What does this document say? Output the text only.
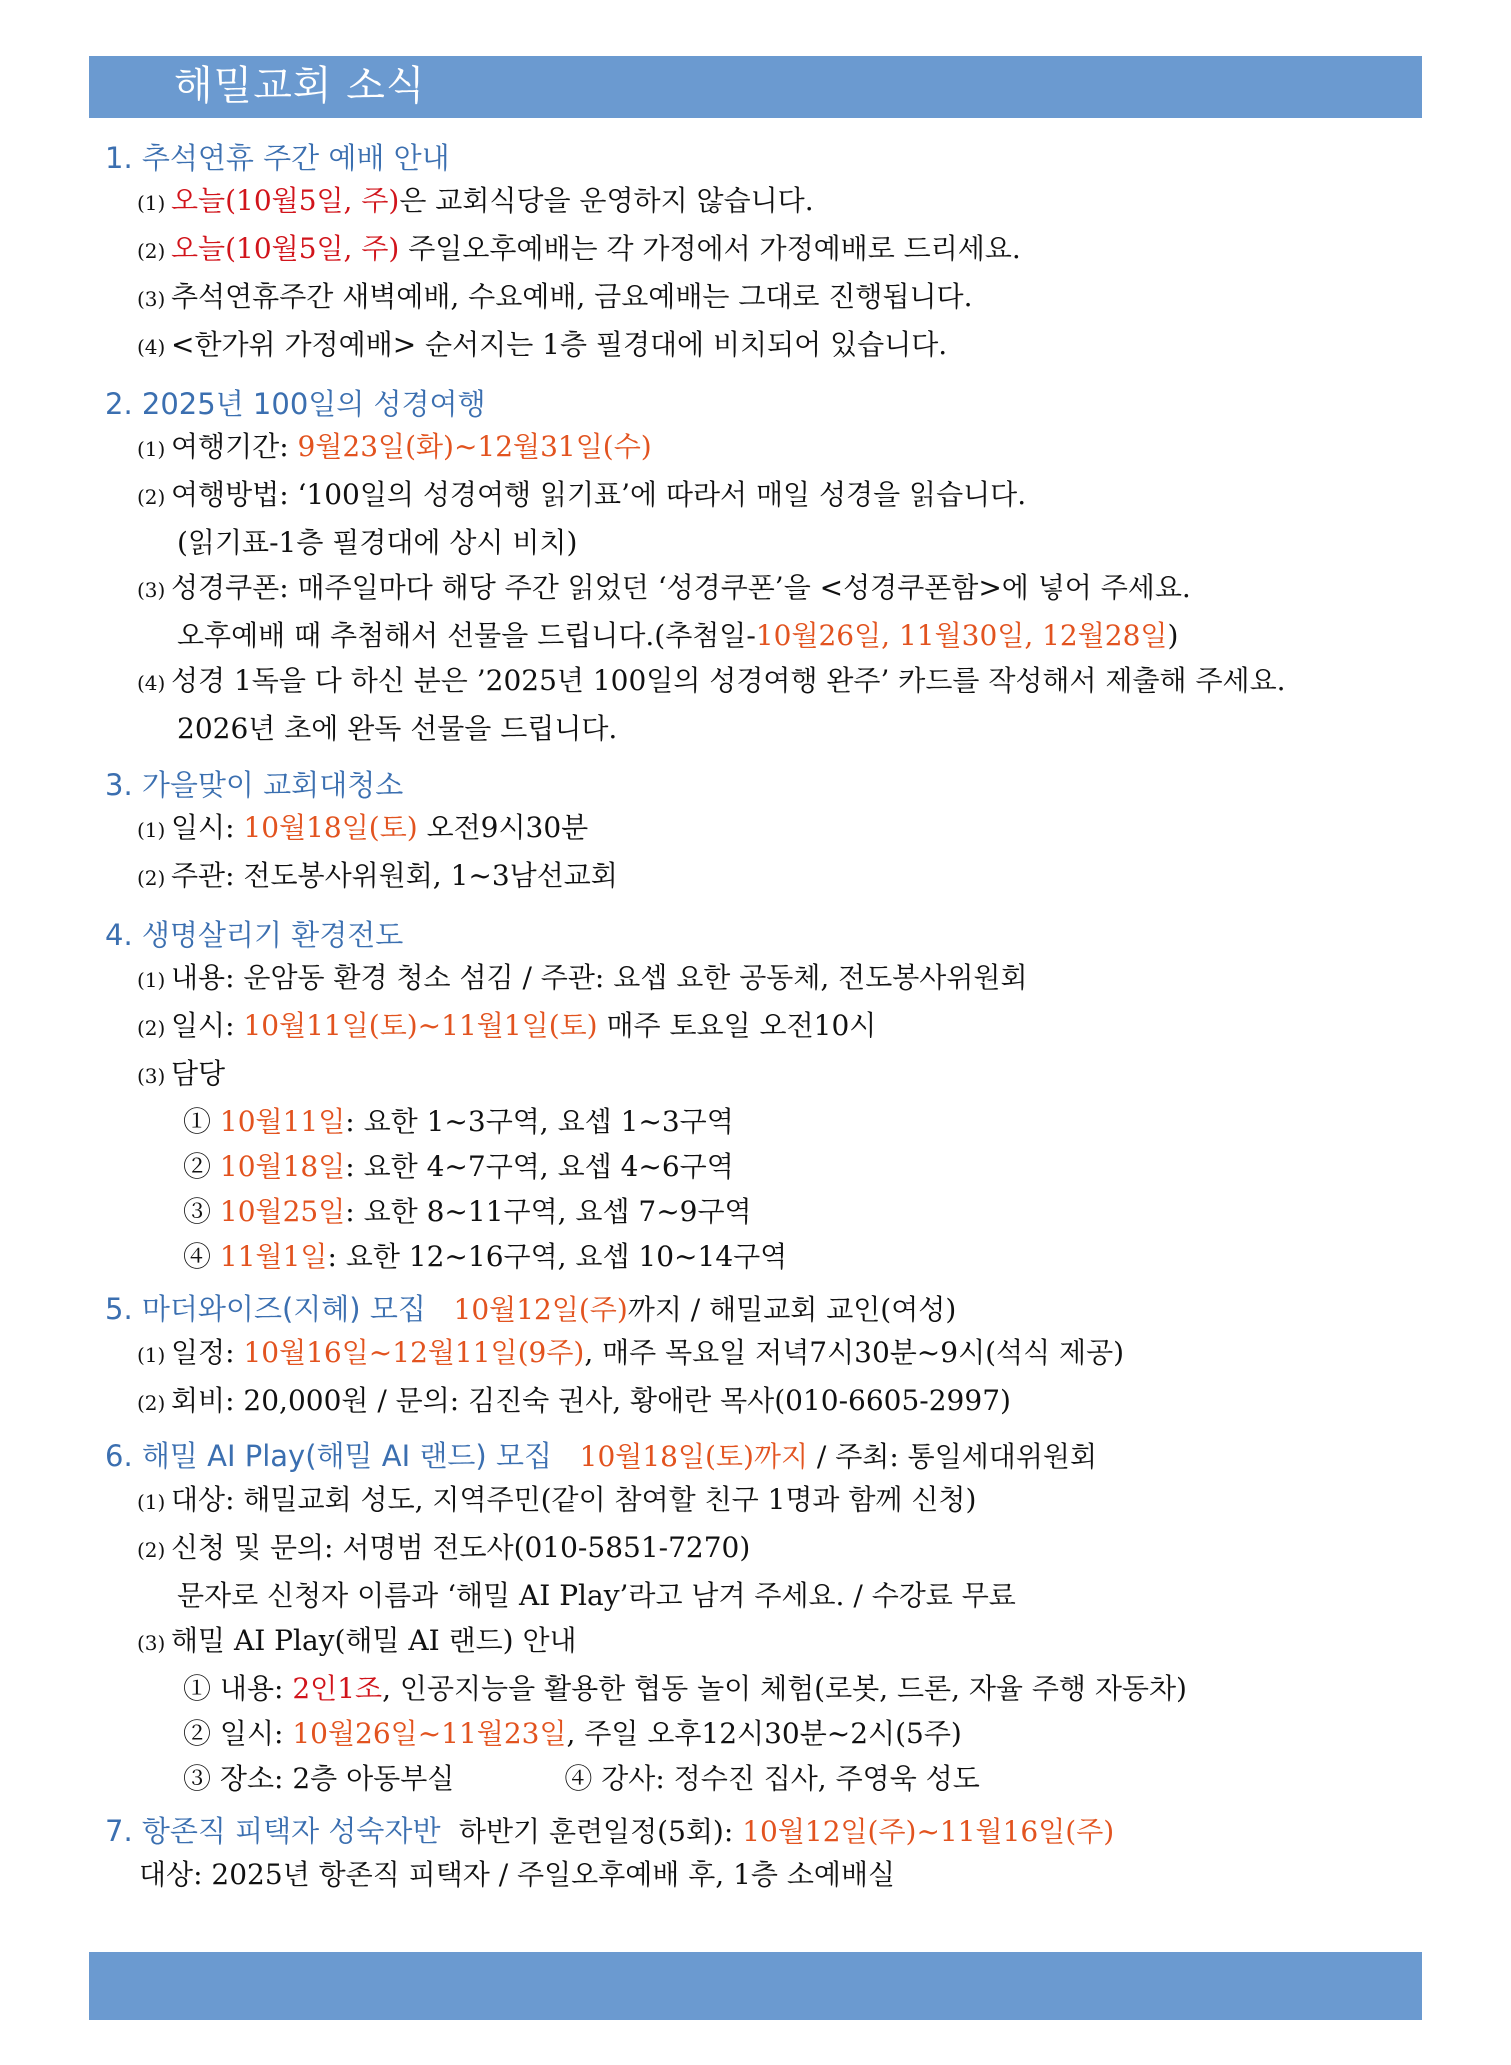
해밀교회 소식

1. 추석연휴 주간 예배 안내

(1) 오늘(10월5일, 주)은 교회식당을 운영하지 않습니다.

(2) 오늘(10월5일, 주) 주일오후예배는 각 가정에서 가정예배로 드리세요.

(3) 추석연휴주간 새벽예배, 수요예배, 금요예배는 그대로 진행됩니다.

(4) <한가위 가정예배> 순서지는 1층 필경대에 비치되어 있습니다.

2. 2025년 100일의 성경여행

(1) 여행기간: 9월23일(화)~12월31일(수)

(2) 여행방법: ‘100일의 성경여행 읽기표’에 따라서 매일 성경을 읽습니다.

(읽기표-1층 필경대에 상시 비치)

(3) 성경쿠폰: 매주일마다 해당 주간 읽었던 ‘성경쿠폰’을 <성경쿠폰함>에 넣어 주세요.

오후예배 때 추첨해서 선물을 드립니다.(추첨일-10월26일, 11월30일, 12월28일)

(4) 성경 1독을 다 하신 분은 ’2025년 100일의 성경여행 완주’ 카드를 작성해서 제출해 주세요.

2026년 초에 완독 선물을 드립니다.

3. 가을맞이 교회대청소

(1) 일시: 10월18일(토) 오전9시30분

(2) 주관: 전도봉사위원회, 1~3남선교회

4. 생명살리기 환경전도

(1) 내용: 운암동 환경 청소 섬김 / 주관: 요셉 요한 공동체, 전도봉사위원회

(2) 일시: 10월11일(토)~11월1일(토) 매주 토요일 오전10시

(3) 담당

① 10월11일: 요한 1~3구역, 요셉 1~3구역

② 10월18일: 요한 4~7구역, 요셉 4~6구역

③ 10월25일: 요한 8~11구역, 요셉 7~9구역

④ 11월1일: 요한 12~16구역, 요셉 10~14구역

5. 마더와이즈(지혜) 모집 10월12일(주)까지 / 해밀교회 교인(여성)

(1) 일정: 10월16일~12월11일(9주), 매주 목요일 저녁7시30분~9시(석식 제공)

(2) 회비: 20,000원 / 문의: 김진숙 권사, 황애란 목사(010-6605-2997)

6. 해밀 AI Play(해밀 AI 랜드) 모집 10월18일(토)까지 / 주최: 통일세대위원회

(1) 대상: 해밀교회 성도, 지역주민(같이 참여할 친구 1명과 함께 신청)

(2) 신청 및 문의: 서명범 전도사(010-5851-7270)

문자로 신청자 이름과 ‘해밀 AI Play’라고 남겨 주세요. / 수강료 무료

(3) 해밀 AI Play(해밀 AI 랜드) 안내

① 내용: 2인1조, 인공지능을 활용한 협동 놀이 체험(로봇, 드론, 자율 주행 자동차)

② 일시: 10월26일~11월23일, 주일 오후12시30분~2시(5주)

③ 장소: 2층 아동부실	④ 강사: 정수진 집사, 주영욱 성도

7. 항존직 피택자 성숙자반 하반기 훈련일정(5회): 10월12일(주)~11월16일(주)

대상: 2025년 항존직 피택자 / 주일오후예배 후, 1층 소예배실
